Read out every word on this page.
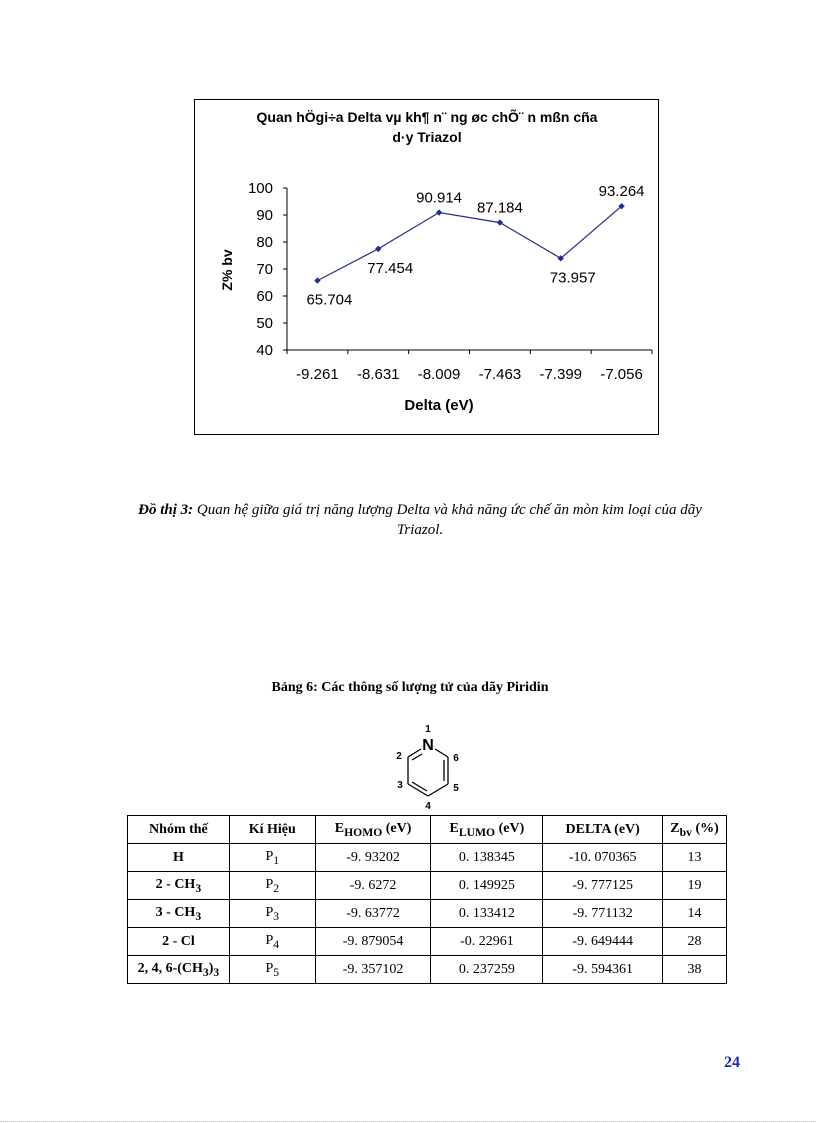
Quan hÖgi÷a Delta vµ kh¶ n¨ ng øc chÕ¨ n mßn cña
d·y Triazol
Z% bv
Delta (eV)
40
50
60
70
80
90
100
-9.261 -8.631 -8.009 -7.463 -7.399 -7.056
65.704
77.454
90.914
87.184
73.957
93.264
Đồ thị 3: Quan hệ giữa giá trị năng lượng Delta và khả năng ức chế ăn mòn kim loại của dãy Triazol.
Bảng 6: Các thông số lượng tử của dãy Piridin
1
N
2	6
3	5
4
Nhóm thế	Kí Hiệu	$E_{HOMO}$ (eV)	$E_{LUMO}$ (eV)	DELTA (eV)	$Z_{bv}$ (%)
H	$P_1$	-9. 93202	0. 138345	-10. 070365	13
$2 - CH_3$	$P_2$	-9. 6272	0. 149925	-9. 777125	19
$3 - CH_3$	$P_3$	-9. 63772	0. 133412	-9. 771132	14
2 - Cl	$P_4$	-9. 879054	-0. 22961	-9. 649444	28
2, 4, $6-(CH_3)_3$	$P_5$	-9. 357102	0. 237259	-9. 594361	38
24
